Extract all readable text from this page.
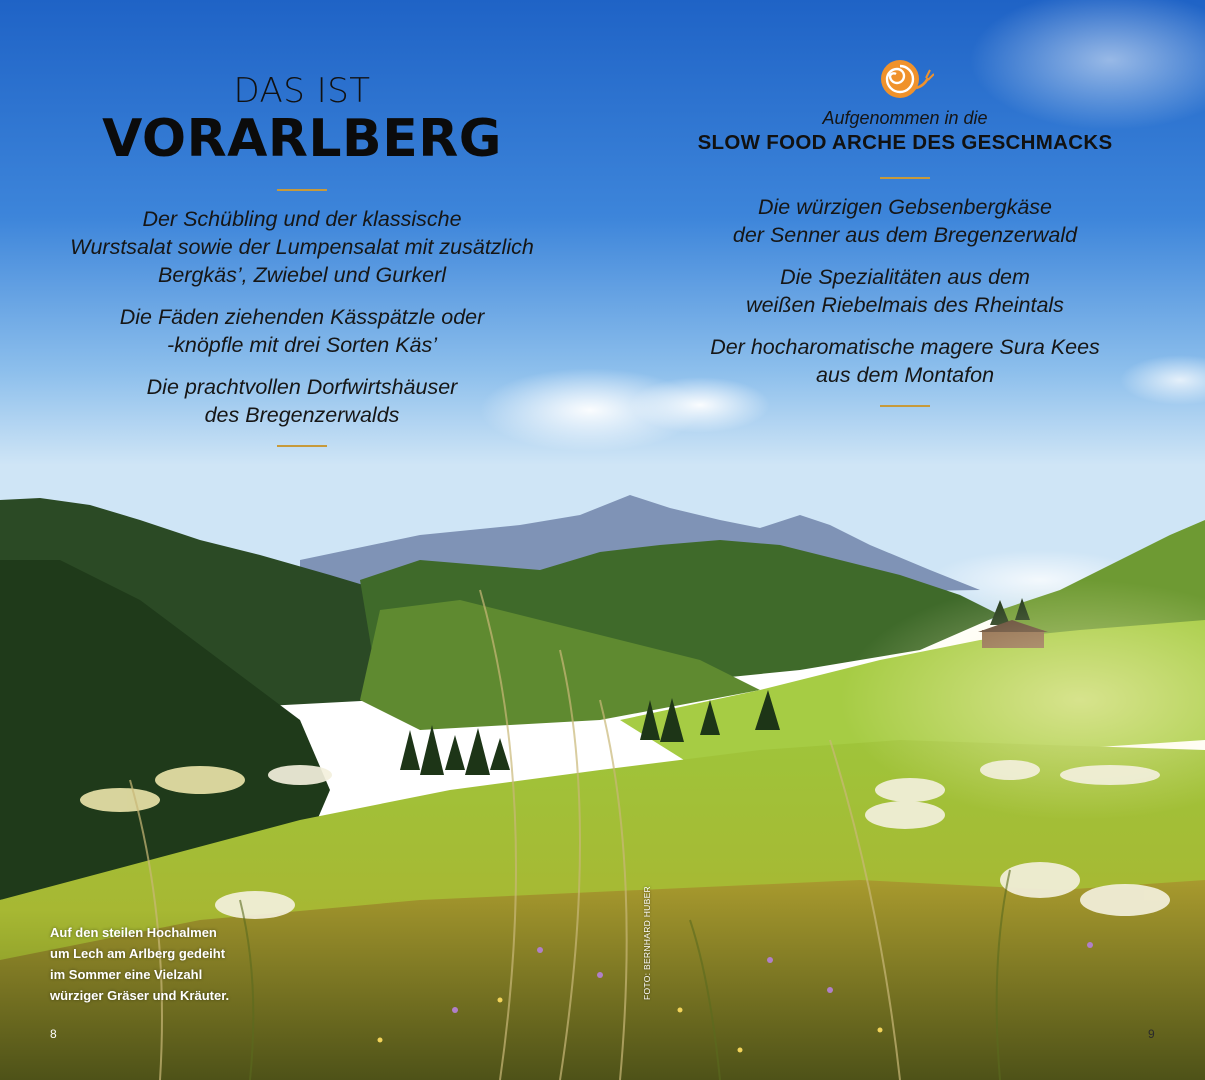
DAS IST
VORARLBERG

Der Schübling und der klassische
Wurstsalat sowie der Lumpensalat mit zusätzlich
Bergkäs’, Zwiebel und Gurkerl

Die Fäden ziehenden Kässpätzle oder
-knöpfle mit drei Sorten Käs’

Die prachtvollen Dorfwirtshäuser
des Bregenzerwalds

Aufgenommen in die

SLOW FOOD ARCHE DES GESCHMACKS

Die würzigen Gebsenbergkäse
der Senner aus dem Bregenzerwald

Die Spezialitäten aus dem
weißen Riebelmais des Rheintals

Der hocharomatische magere Sura Kees
aus dem Montafon

Auf den steilen Hochalmen
um Lech am Arlberg gedeiht
im Sommer eine Vielzahl
würziger Gräser und Kräuter.	FOTO: BERNHARD HUBER
8	9
